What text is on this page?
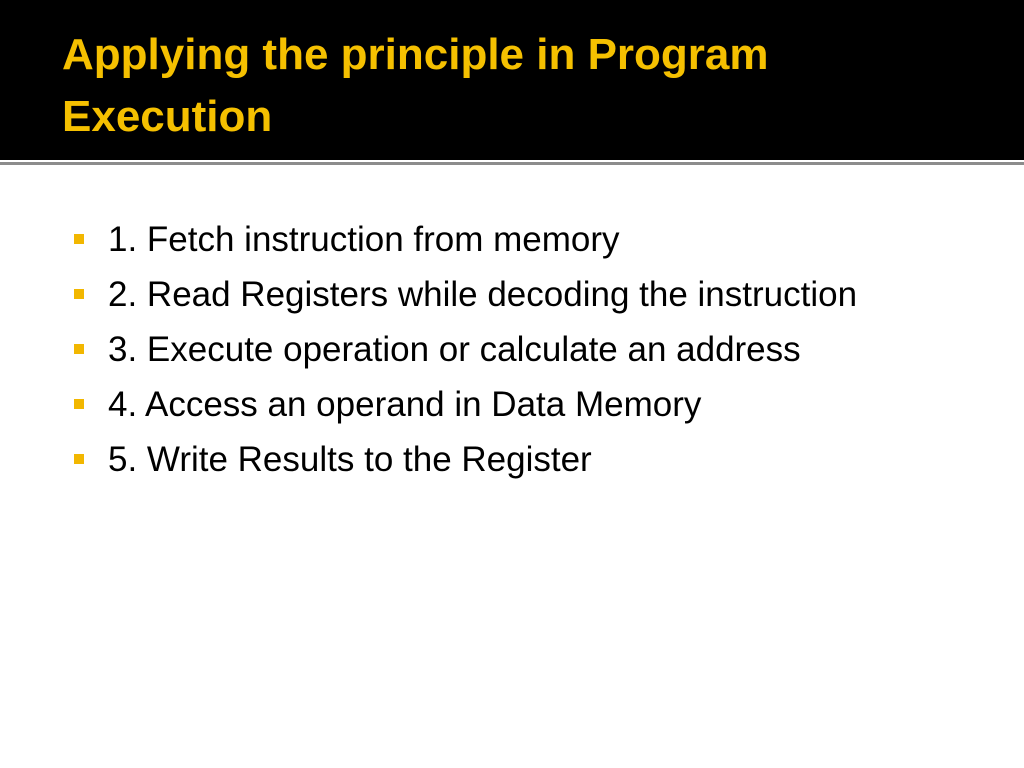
Applying the principle in Program Execution
1. Fetch instruction from memory
2. Read Registers while decoding the instruction
3. Execute operation or calculate an address
4. Access an operand in Data Memory
5. Write Results to the Register
